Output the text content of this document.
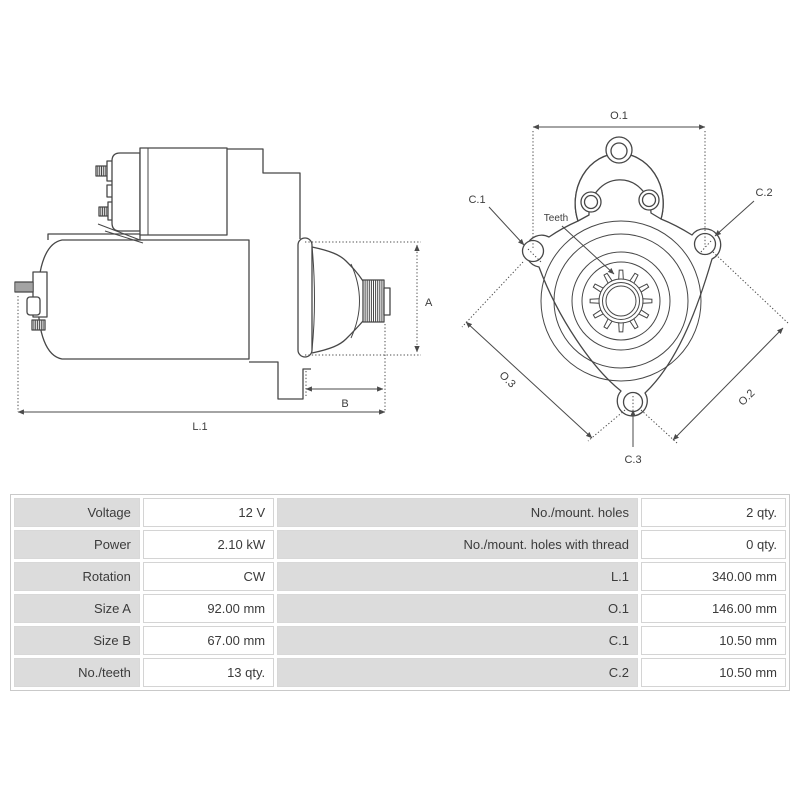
A
B
L.1
O.1
C.1
C.2
Teeth
O.3
O.2
C.3
Voltage	12 V	No./mount. holes	2 qty.
Power	2.10 kW	No./mount. holes with thread	0 qty.
Rotation	CW	L.1	340.00 mm
Size A	92.00 mm	O.1	146.00 mm
Size B	67.00 mm	C.1	10.50 mm
No./teeth	13 qty.	C.2	10.50 mm
